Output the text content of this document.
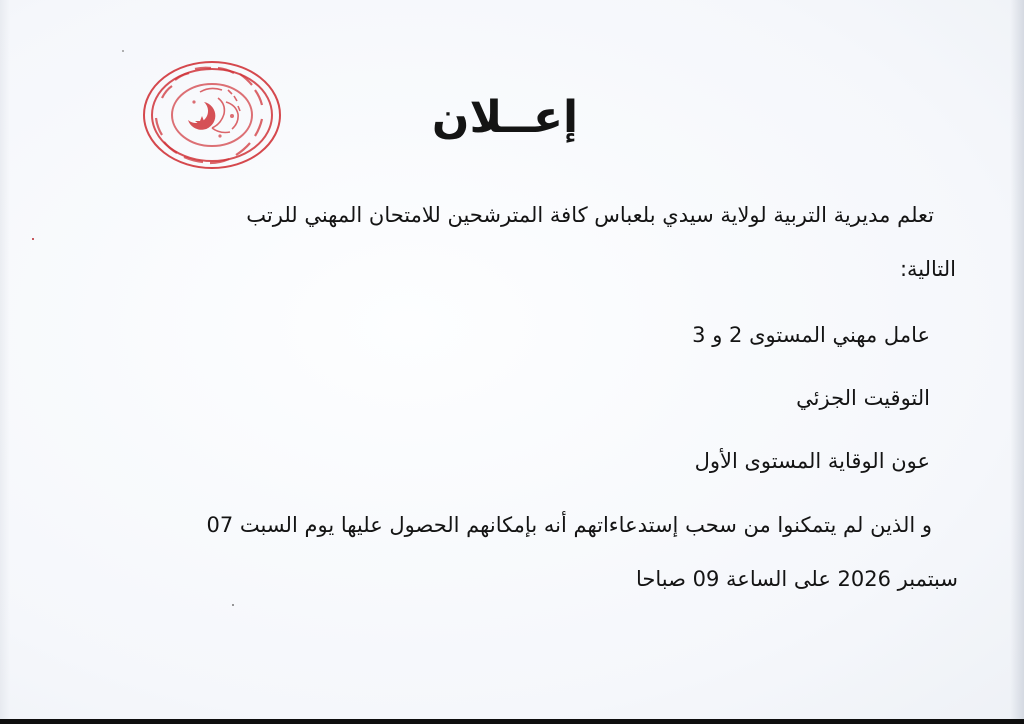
إعــلان
تعلم مديرية التربية لولاية سيدي بلعباس كافة المترشحين للامتحان المهني للرتب
التالية:
عامل مهني المستوى 2 و 3
التوقيت الجزئي
عون الوقاية المستوى الأول
و الذين لم يتمكنوا من سحب إستدعاءاتهم أنه بإمكانهم الحصول عليها يوم السبت 07
سبتمبر 2026 على الساعة 09 صباحا
